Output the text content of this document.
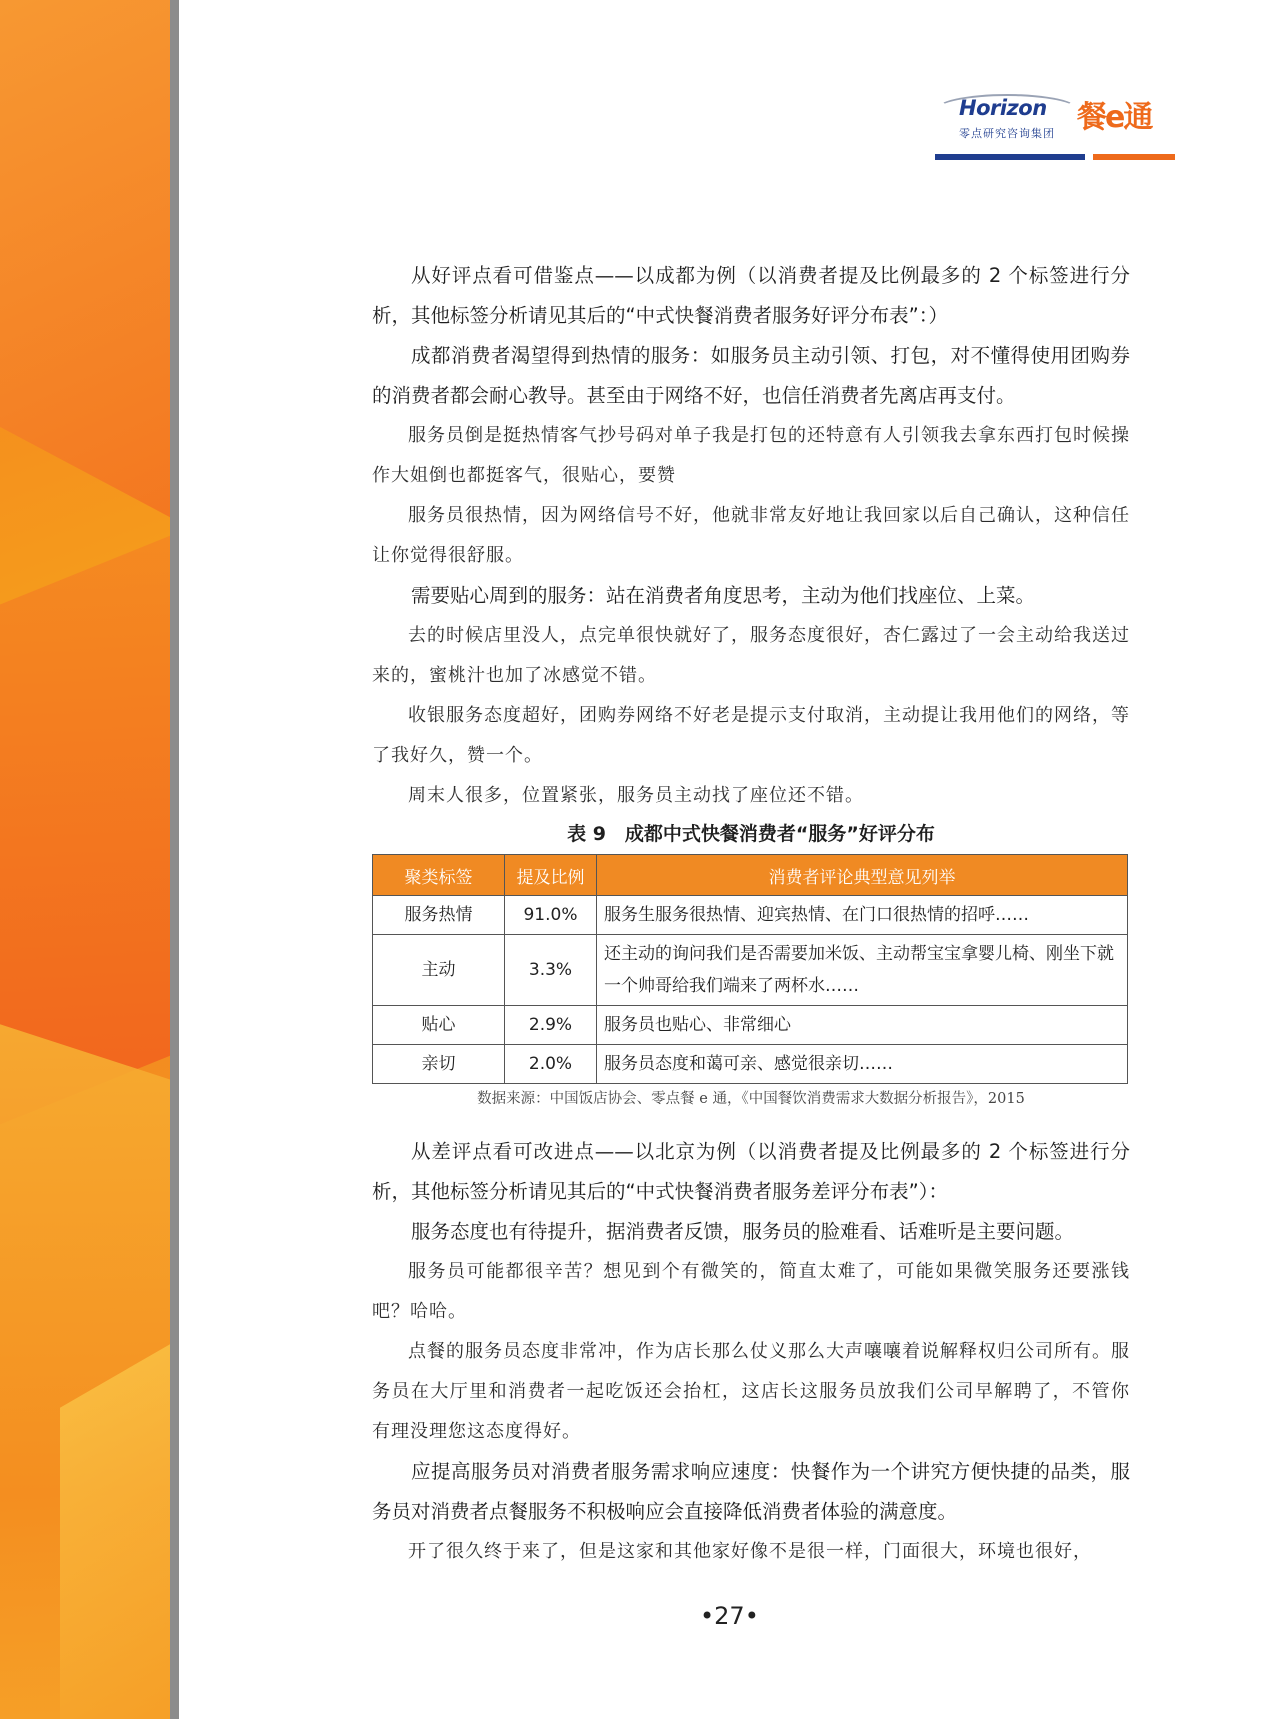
Horizon
零点研究咨询集团 餐e通

从好评点看可借鉴点——以成都为例（以消费者提及比例最多的 2 个标签进行分析，其他标签分析请见其后的“中式快餐消费者服务好评分布表”：）

成都消费者渴望得到热情的服务：如服务员主动引领、打包，对不懂得使用团购券的消费者都会耐心教导。甚至由于网络不好，也信任消费者先离店再支付。

服务员倒是挺热情客气抄号码对单子我是打包的还特意有人引领我去拿东西打包时候操作大姐倒也都挺客气，很贴心，要赞

服务员很热情，因为网络信号不好，他就非常友好地让我回家以后自己确认，这种信任让你觉得很舒服。

需要贴心周到的服务：站在消费者角度思考，主动为他们找座位、上菜。

去的时候店里没人，点完单很快就好了，服务态度很好，杏仁露过了一会主动给我送过来的，蜜桃汁也加了冰感觉不错。

收银服务态度超好，团购券网络不好老是提示支付取消，主动提让我用他们的网络，等了我好久，赞一个。

周末人很多，位置紧张，服务员主动找了座位还不错。

表 9　成都中式快餐消费者“服务”好评分布
聚类标签	提及比例	消费者评论典型意见列举
服务热情	91.0%	服务生服务很热情、迎宾热情、在门口很热情的招呼……
主动	3.3%	还主动的询问我们是否需要加米饭、主动帮宝宝拿婴儿椅、刚坐下就一个帅哥给我们端来了两杯水……
贴心	2.9%	服务员也贴心、非常细心
亲切	2.0%	服务员态度和蔼可亲、感觉很亲切……
数据来源：中国饭店协会、零点餐 e 通，《中国餐饮消费需求大数据分析报告》，2015

从差评点看可改进点——以北京为例（以消费者提及比例最多的 2 个标签进行分析，其他标签分析请见其后的“中式快餐消费者服务差评分布表”）：

服务态度也有待提升，据消费者反馈，服务员的脸难看、话难听是主要问题。

服务员可能都很辛苦？想见到个有微笑的，简直太难了，可能如果微笑服务还要涨钱吧？哈哈。

点餐的服务员态度非常冲，作为店长那么仗义那么大声嚷嚷着说解释权归公司所有。服务员在大厅里和消费者一起吃饭还会抬杠，这店长这服务员放我们公司早解聘了，不管你有理没理您这态度得好。

应提高服务员对消费者服务需求响应速度：快餐作为一个讲究方便快捷的品类，服务员对消费者点餐服务不积极响应会直接降低消费者体验的满意度。

开了很久终于来了，但是这家和其他家好像不是很一样，门面很大，环境也很好，

•27•
